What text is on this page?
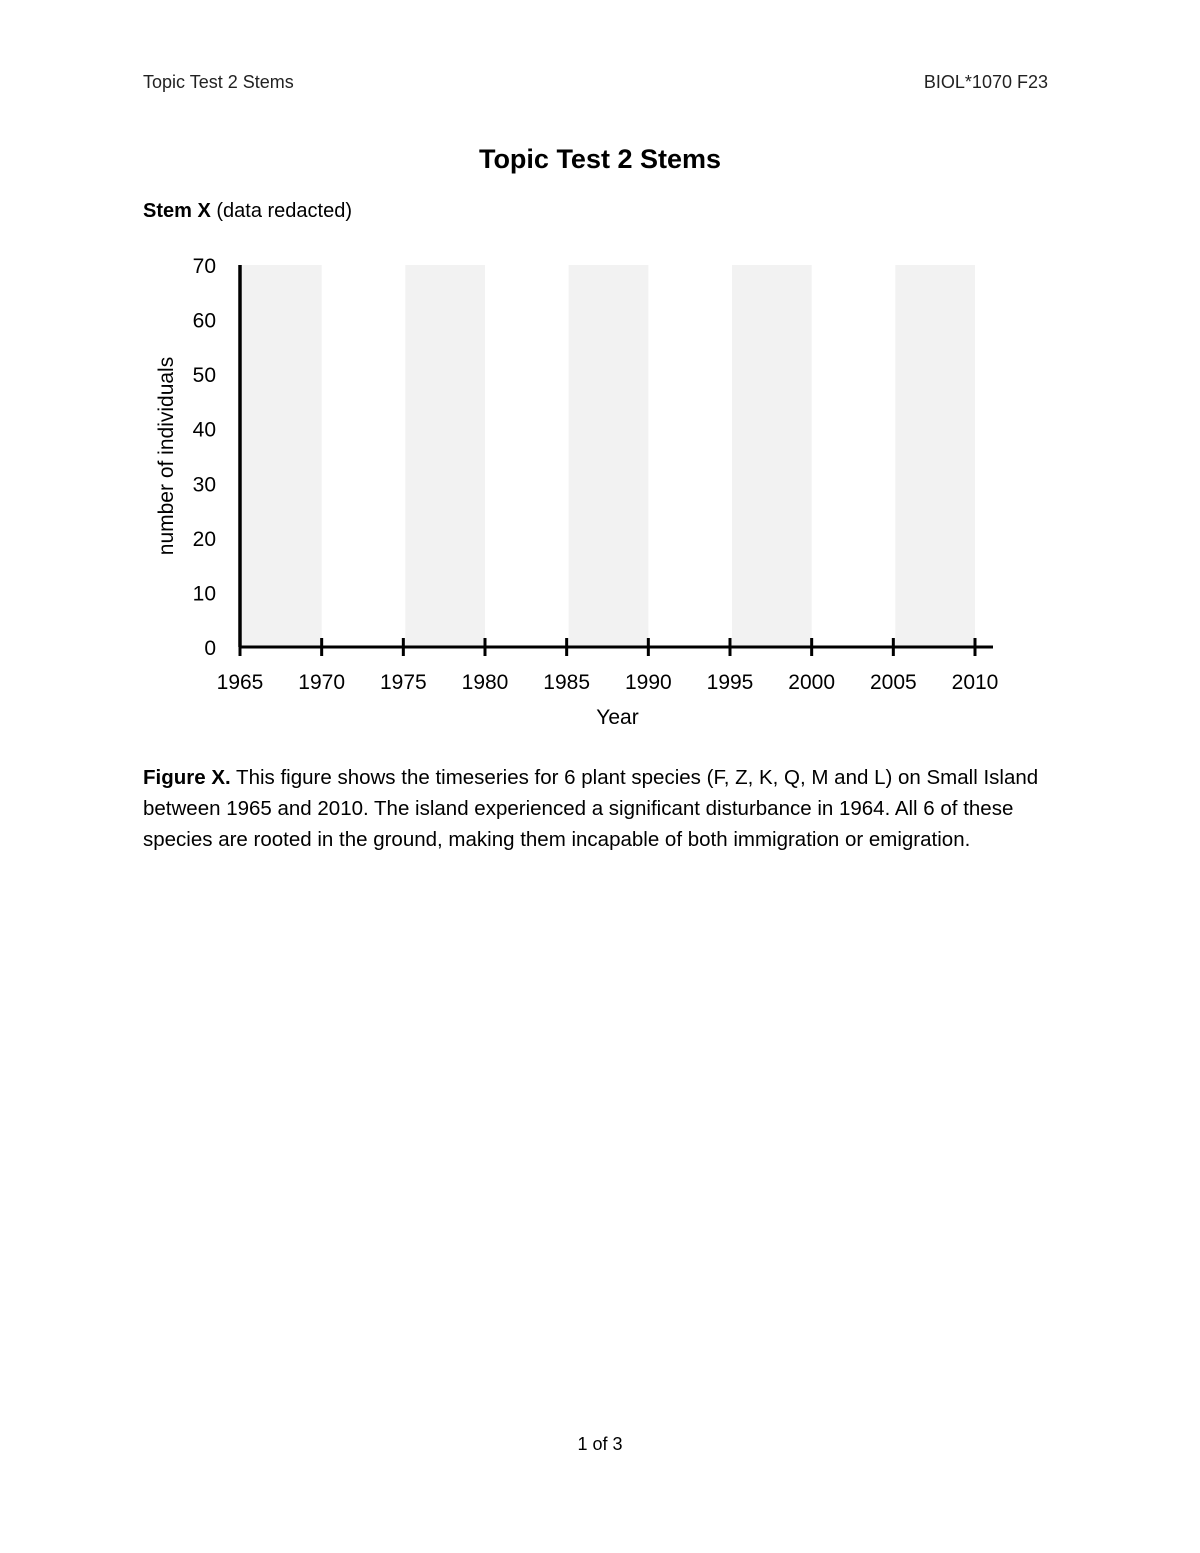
Topic Test 2 Stems	BIOL*1070 F23
Topic Test 2 Stems
Stem X (data redacted)
1965 1970 1975 1980 1985 1990 1995 2000 2005 2010
0
10
20
30
40
50
60
70
Year
number of individuals
Figure X. This figure shows the timeseries for 6 plant species (F, Z, K, Q, M and L) on Small Island between 1965 and 2010. The island experienced a significant disturbance in 1964. All 6 of these species are rooted in the ground, making them incapable of both immigration or emigration.
1 of 3
